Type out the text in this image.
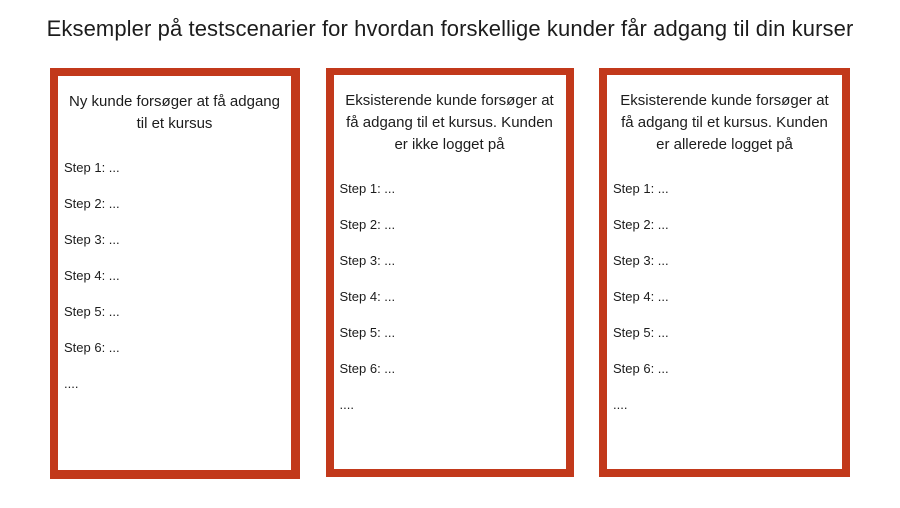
Eksempler på testscenarier for hvordan forskellige kunder får adgang til din kurser

Ny kunde forsøger at få adgang til et kursus

Step 1: ...
Step 2: ...
Step 3: ...
Step 4: ...
Step 5: ...
Step 6: ...
....

Eksisterende kunde forsøger at få adgang til et kursus. Kunden er ikke logget på

Step 1: ...
Step 2: ...
Step 3: ...
Step 4: ...
Step 5: ...
Step 6: ...
....

Eksisterende kunde forsøger at få adgang til et kursus. Kunden er allerede logget på

Step 1: ...
Step 2: ...
Step 3: ...
Step 4: ...
Step 5: ...
Step 6: ...
....
